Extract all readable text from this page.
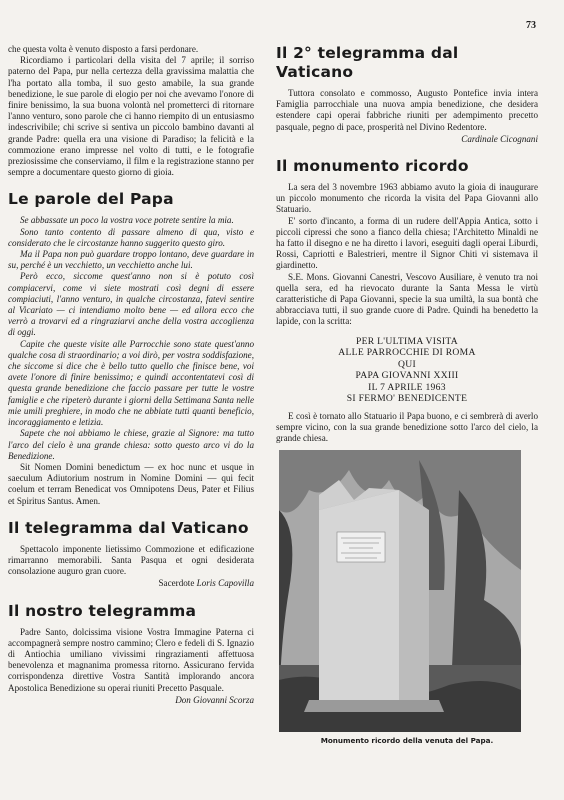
73

che questa volta è venuto disposto a farsi perdonare.

Ricordiamo i particolari della visita del 7 aprile; il sorriso paterno del Papa, pur nella certezza della gravissima malattia che l'ha portato alla tomba, il suo gesto amabile, la sua grande benedizione, le sue parole di elogio per noi che avevamo l'onore di finire benissimo, la sua buona volontà nel prometterci di ritornare l'anno venturo, sono parole che ci hanno riempito di un entusiasmo indescrivibile; chi scrive si sentiva un piccolo bambino davanti al grande Padre: quella era una visione di Paradiso; la felicità e la commozione erano impresse nel volto di tutti, e le fotografie preziosissime che conserviamo, il film e la registrazione stanno per sempre a documentare questo giorno di gioia.

Le parole del Papa

Se abbassate un poco la vostra voce potrete sentire la mia.

Sono tanto contento di passare almeno di qua, visto e considerato che le circostanze hanno suggerito questo giro.

Ma il Papa non può guardare troppo lontano, deve guardare in su, perché è un vecchietto, un vecchietto anche lui.

Però ecco, siccome quest'anno non si è potuto così compiacervi, come vi siete mostrati così degni di essere compiaciuti, l'anno venturo, in qualche circostanza, fatevi sentire al Vicariato — ci intendiamo molto bene — ed allora ecco che verrò a trovarvi ed a ringraziarvi anche della vostra accoglienza di oggi.

Capite che queste visite alle Parrocchie sono state quest'anno qualche cosa di straordinario; a voi dirò, per vostra soddisfazione, che siccome si dice che è bello tutto quello che finisce bene, voi avete l'onore di finire benissimo; e quindi accontentatevi così di questa grande benedizione che faccio passare per tutte le vostre famiglie e che ripeterò durante i giorni della Settimana Santa nelle mie umili preghiere, in modo che ne abbiate tutti quanti beneficio, incoraggiamento e letizia.

Sapete che noi abbiamo le chiese, grazie al Signore: ma tutto l'arco del cielo è una grande chiesa: sotto questo arco vi do la Benedizione.

Sit Nomen Domini benedictum — ex hoc nunc et usque in saeculum Adiutorium nostrum in Nomine Domini — qui fecit coelum et terram Benedicat vos Omnipotens Deus, Pater et Filius et Spiritus Santus. Amen.

Il telegramma dal Vaticano

Spettacolo imponente lietissimo Commozione et edificazione rimarranno memorabili. Santa Pasqua et ogni desiderata consolazione auguro gran cuore.

Sacerdote Loris Capovilla

Il nostro telegramma

Padre Santo, dolcissima visione Vostra Immagine Paterna ci accompagnerà sempre nostro cammino; Clero e fedeli di S. Ignazio di Antiochia umiliano vivissimi ringraziamenti affettuosa benevolenza et magnanima promessa ritorno. Assicurano fervida corrispondenza direttive Vostra Santità implorando ancora Apostolica Benedizione su operai riuniti Precetto Pasquale.

Don Giovanni Scorza

Il 2° telegramma dal Vaticano

Tuttora consolato e commosso, Augusto Pontefice invia intera Famiglia parrocchiale una nuova ampia benedizione, che desidera estendere capi operai fabbriche riuniti per adempimento precetto pasquale, pegno di pace, prosperità nel Divino Redentore.

Cardinale Cicognani

Il monumento ricordo

La sera del 3 novembre 1963 abbiamo avuto la gioia di inaugurare un piccolo monumento che ricorda la visita del Papa Giovanni allo Statuario.

E' sorto d'incanto, a forma di un rudere dell'Appia Antica, sotto i piccoli cipressi che sono a fianco della chiesa; l'Architetto Minaldi ne ha fatto il disegno e ne ha diretto i lavori, eseguiti dagli operai Liburdi, Rossi, Capriotti e Balestrieri, mentre il Signor Chiti vi sistemava il giardinetto.

S.E. Mons. Giovanni Canestri, Vescovo Ausiliare, è venuto tra noi quella sera, ed ha rievocato durante la Santa Messa le virtù caratteristiche di Papa Giovanni, specie la sua umiltà, la sua bontà che abbracciava tutti, il suo grande cuore di Padre. Quindi ha benedetto la lapide, con la scritta:

PER L'ULTIMA VISITA
ALLE PARROCCHIE DI ROMA
QUI
PAPA GIOVANNI XXIII
IL 7 APRILE 1963
SI FERMO' BENEDICENTE

E così è tornato allo Statuario il Papa buono, e ci sembrerà di averlo sempre vicino, con la sua grande benedizione sotto l'arco del cielo, la grande chiesa.

Monumento ricordo della venuta del Papa.
